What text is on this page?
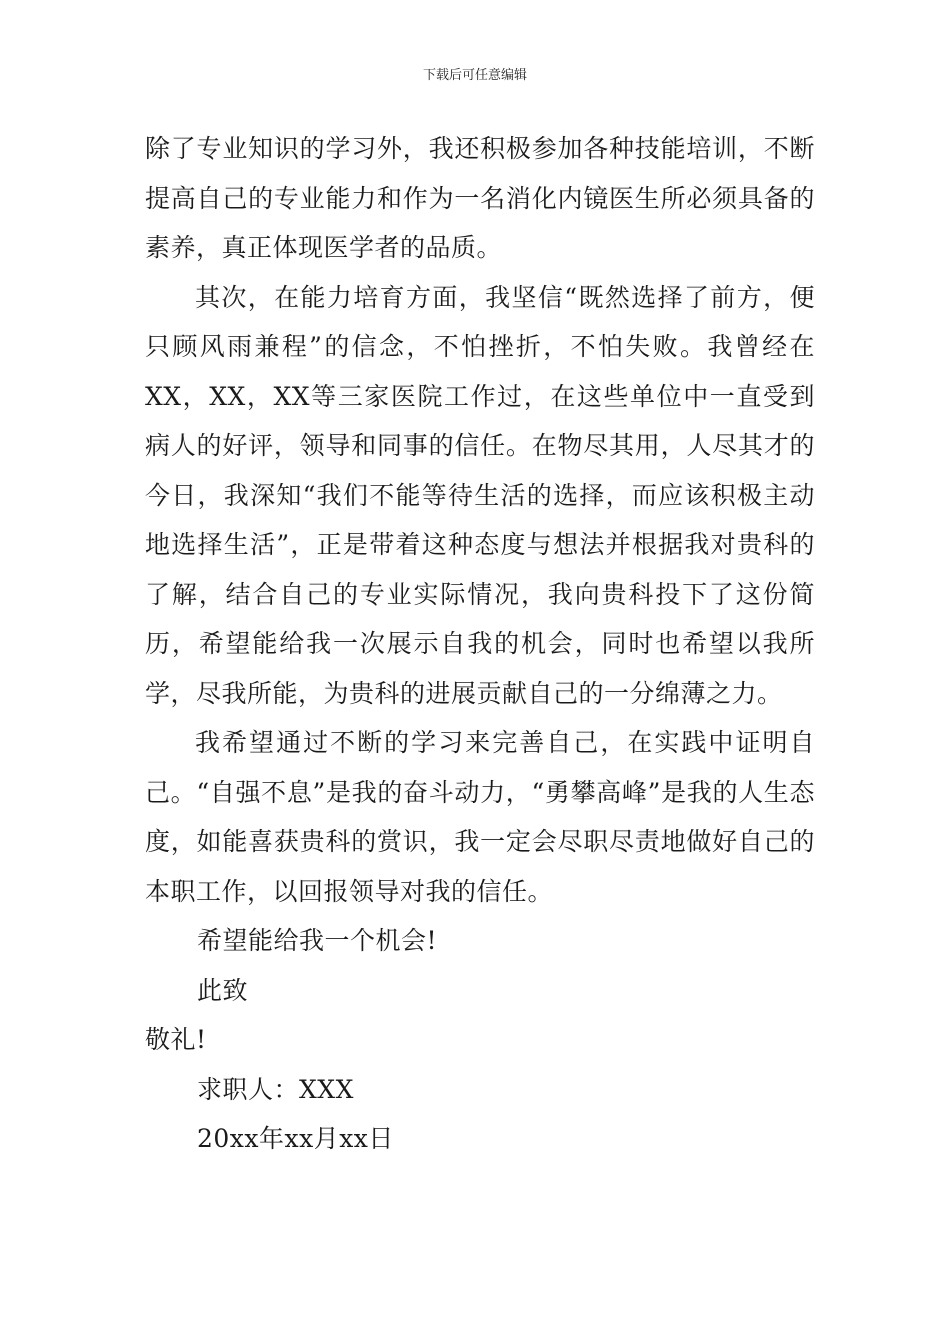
下载后可任意编辑

除了专业知识的学习外，我还积极参加各种技能培训，不断提高自己的专业能力和作为一名消化内镜医生所必须具备的素养，真正体现医学者的品质。

其次，在能力培育方面，我坚信“既然选择了前方，便只顾风雨兼程”的信念，不怕挫折，不怕失败。我曾经在XX，XX，XX等三家医院工作过，在这些单位中一直受到病人的好评，领导和同事的信任。在物尽其用，人尽其才的今日，我深知“我们不能等待生活的选择，而应该积极主动地选择生活”，正是带着这种态度与想法并根据我对贵科的了解，结合自己的专业实际情况，我向贵科投下了这份简历，希望能给我一次展示自我的机会，同时也希望以我所学，尽我所能，为贵科的进展贡献自己的一分绵薄之力。

我希望通过不断的学习来完善自己，在实践中证明自己。“自强不息”是我的奋斗动力，“勇攀高峰”是我的人生态度，如能喜获贵科的赏识，我一定会尽职尽责地做好自己的本职工作，以回报领导对我的信任。

希望能给我一个机会!

此致

敬礼!

求职人：XXX

20xx年xx月xx日
